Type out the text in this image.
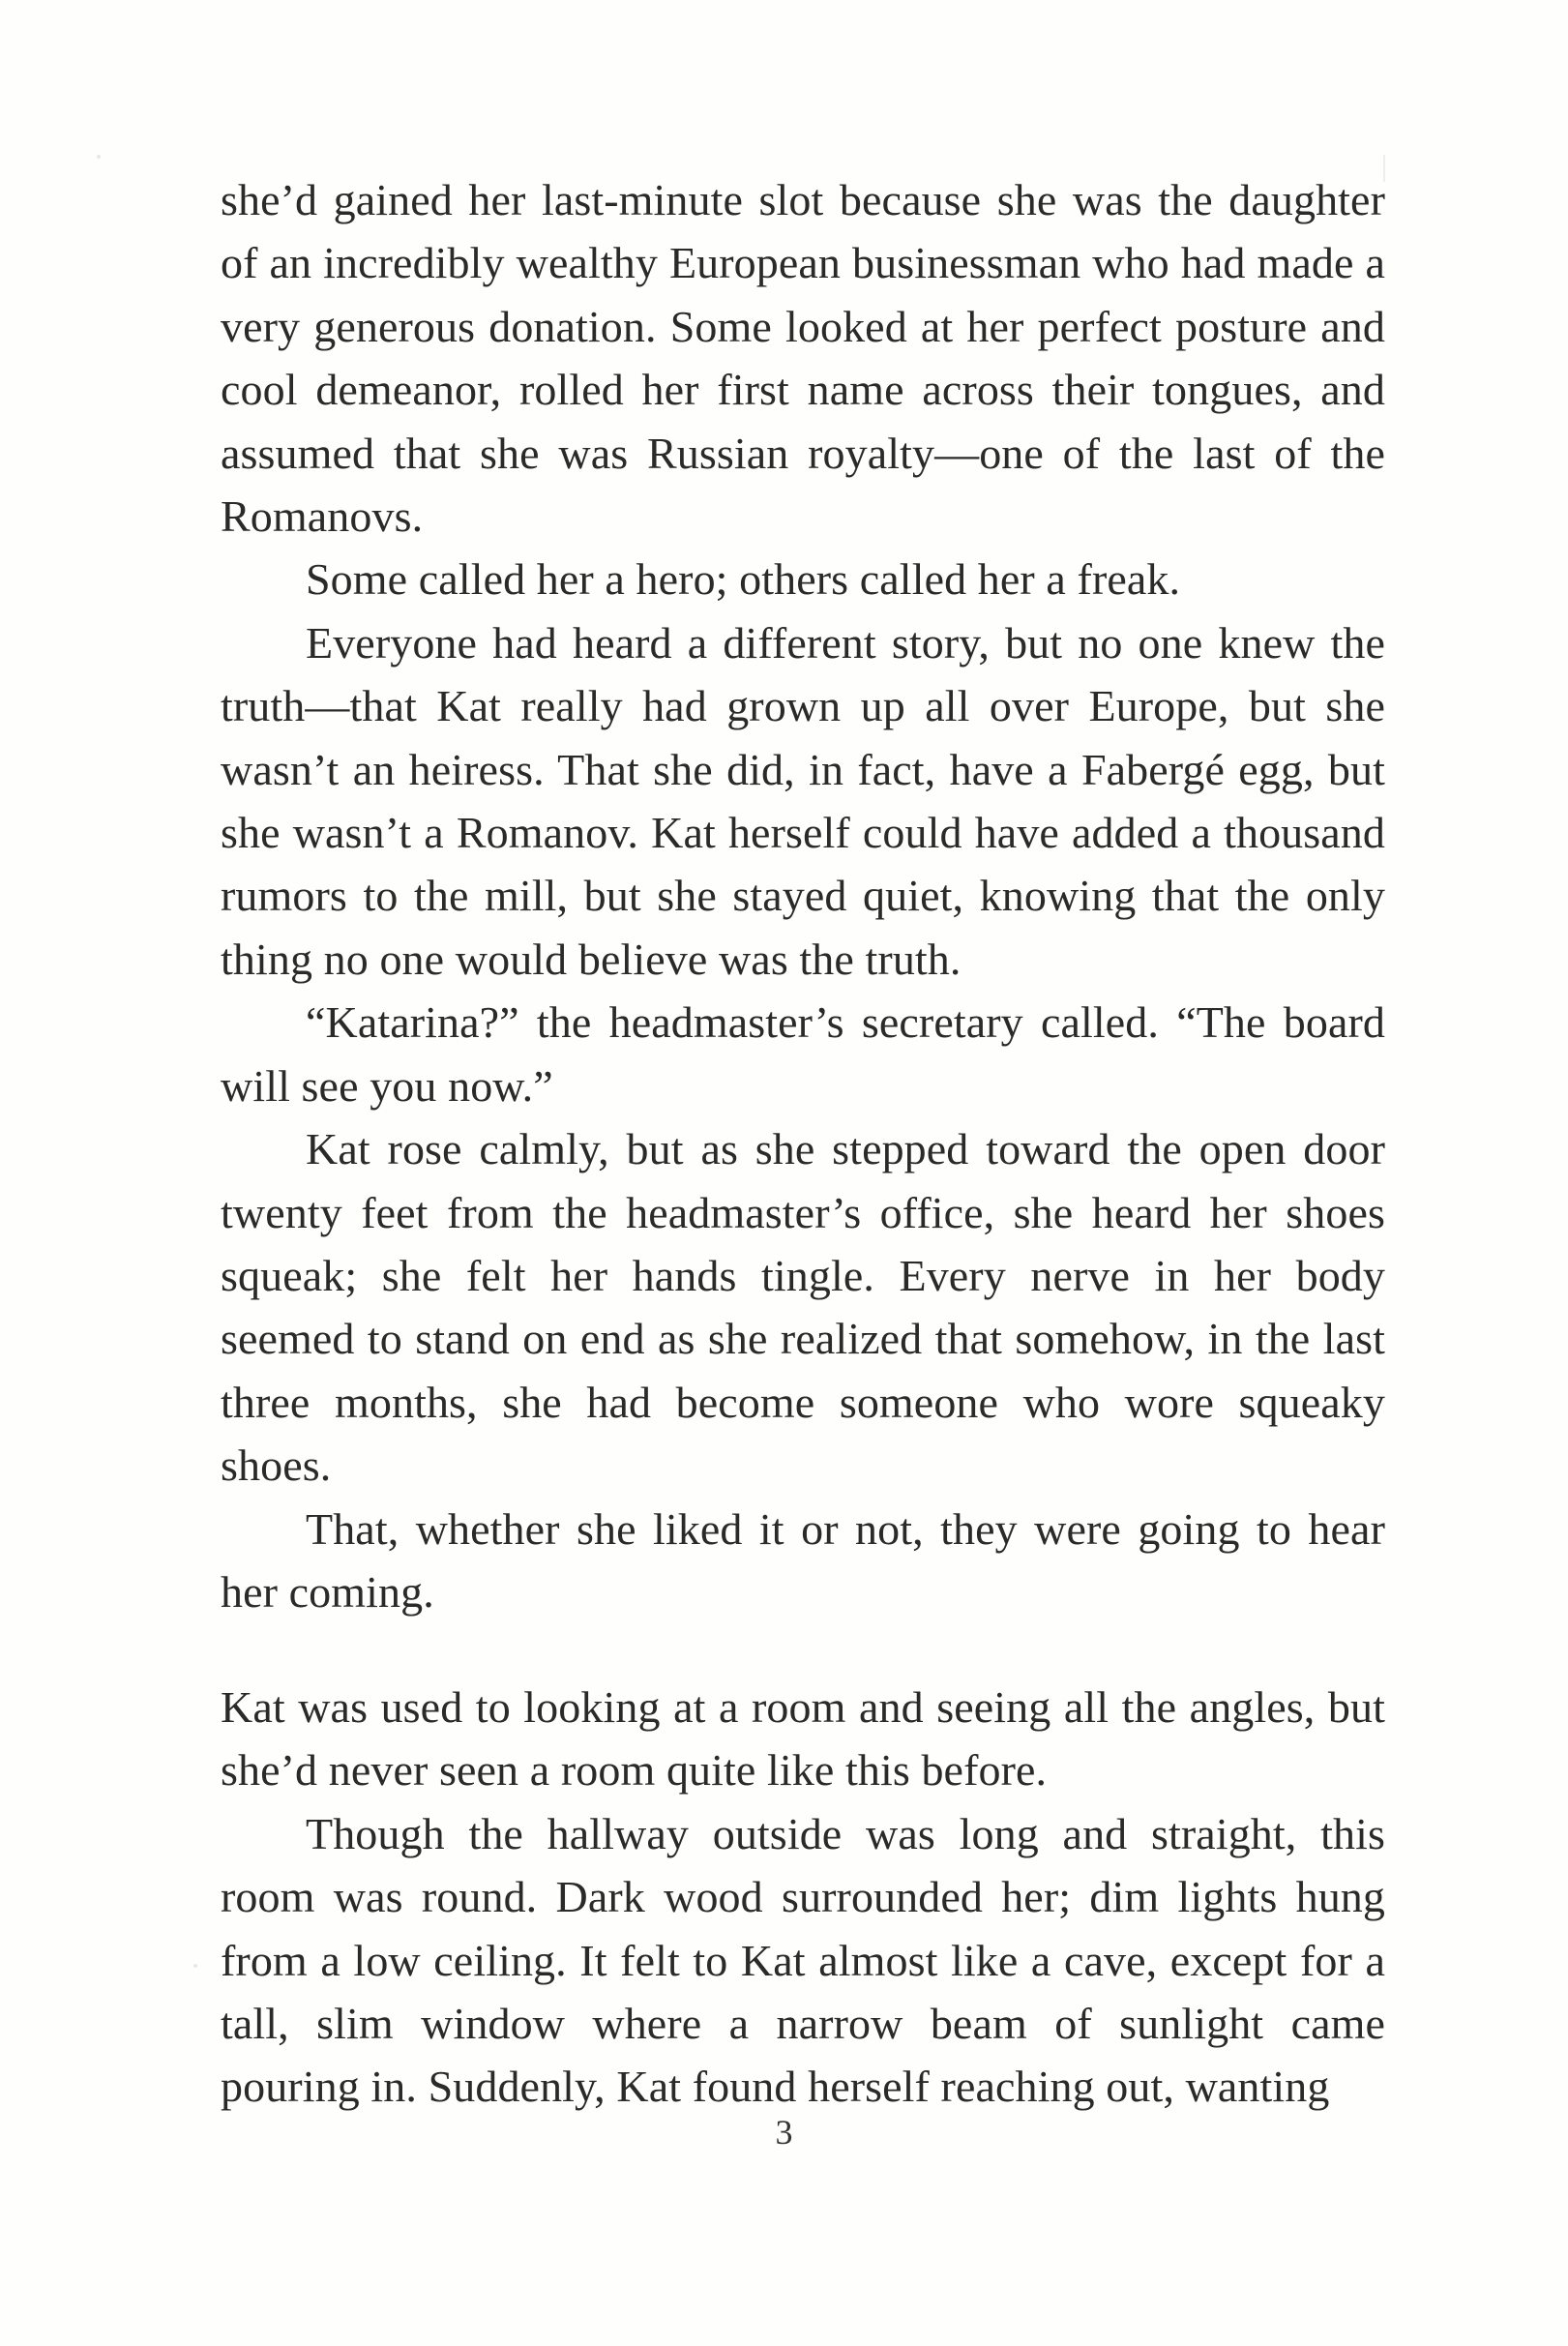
she’d gained her last-minute slot because she was the daughter of an incredibly wealthy European businessman who had made a very generous donation. Some looked at her perfect posture and cool demeanor, rolled her first name across their tongues, and assumed that she was Russian royalty—one of the last of the Romanovs.

Some called her a hero; others called her a freak.

Everyone had heard a different story, but no one knew the truth—that Kat really had grown up all over Europe, but she wasn’t an heiress. That she did, in fact, have a Fabergé egg, but she wasn’t a Romanov. Kat herself could have added a thousand rumors to the mill, but she stayed quiet, knowing that the only thing no one would believe was the truth.

“Katarina?” the headmaster’s secretary called. “The board will see you now.”

Kat rose calmly, but as she stepped toward the open door twenty feet from the headmaster’s office, she heard her shoes squeak; she felt her hands tingle. Every nerve in her body seemed to stand on end as she realized that somehow, in the last three months, she had become someone who wore squeaky shoes.

That, whether she liked it or not, they were going to hear her coming.

Kat was used to looking at a room and seeing all the angles, but she’d never seen a room quite like this before.

Though the hallway outside was long and straight, this room was round. Dark wood surrounded her; dim lights hung from a low ceiling. It felt to Kat almost like a cave, except for a tall, slim window where a narrow beam of sunlight came pouring in. Suddenly, Kat found herself reaching out, wanting

3
